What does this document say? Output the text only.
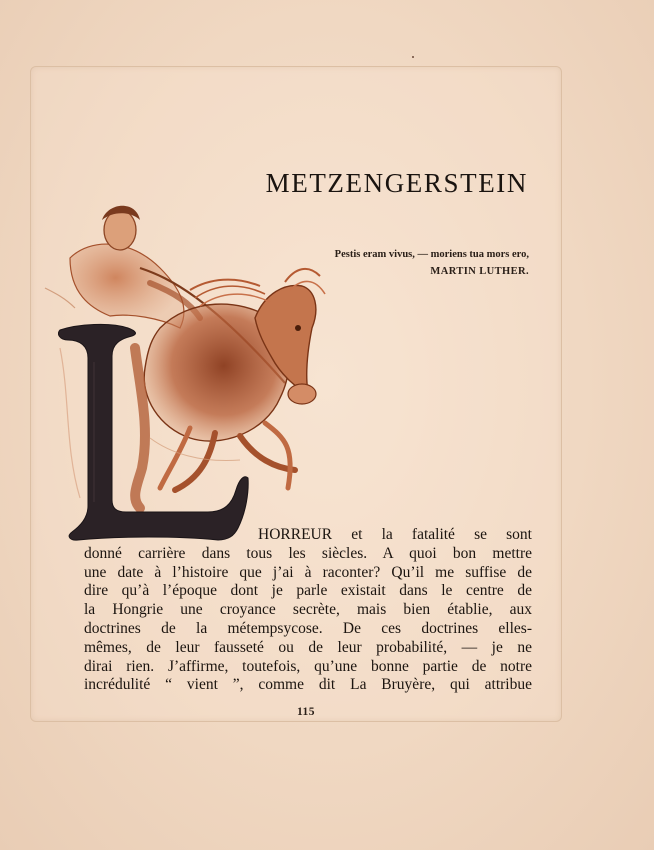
METZENGERSTEIN
Pestis eram vivus, — moriens tua mors ero,
MARTIN LUTHER.
HORREUR et la fatalité se sont
donné carrière dans tous les siècles. A quoi bon mettre
une date à l’histoire que j’ai à raconter? Qu’il me suffise de
dire qu’à l’époque dont je parle existait dans le centre de
la Hongrie une croyance secrète, mais bien établie, aux
doctrines de la métempsycose. De ces doctrines elles-
mêmes, de leur fausseté ou de leur probabilité, — je ne
dirai rien. J’affirme, toutefois, qu’une bonne partie de notre
incrédulité “ vient ”, comme dit La Bruyère, qui attribue
115
